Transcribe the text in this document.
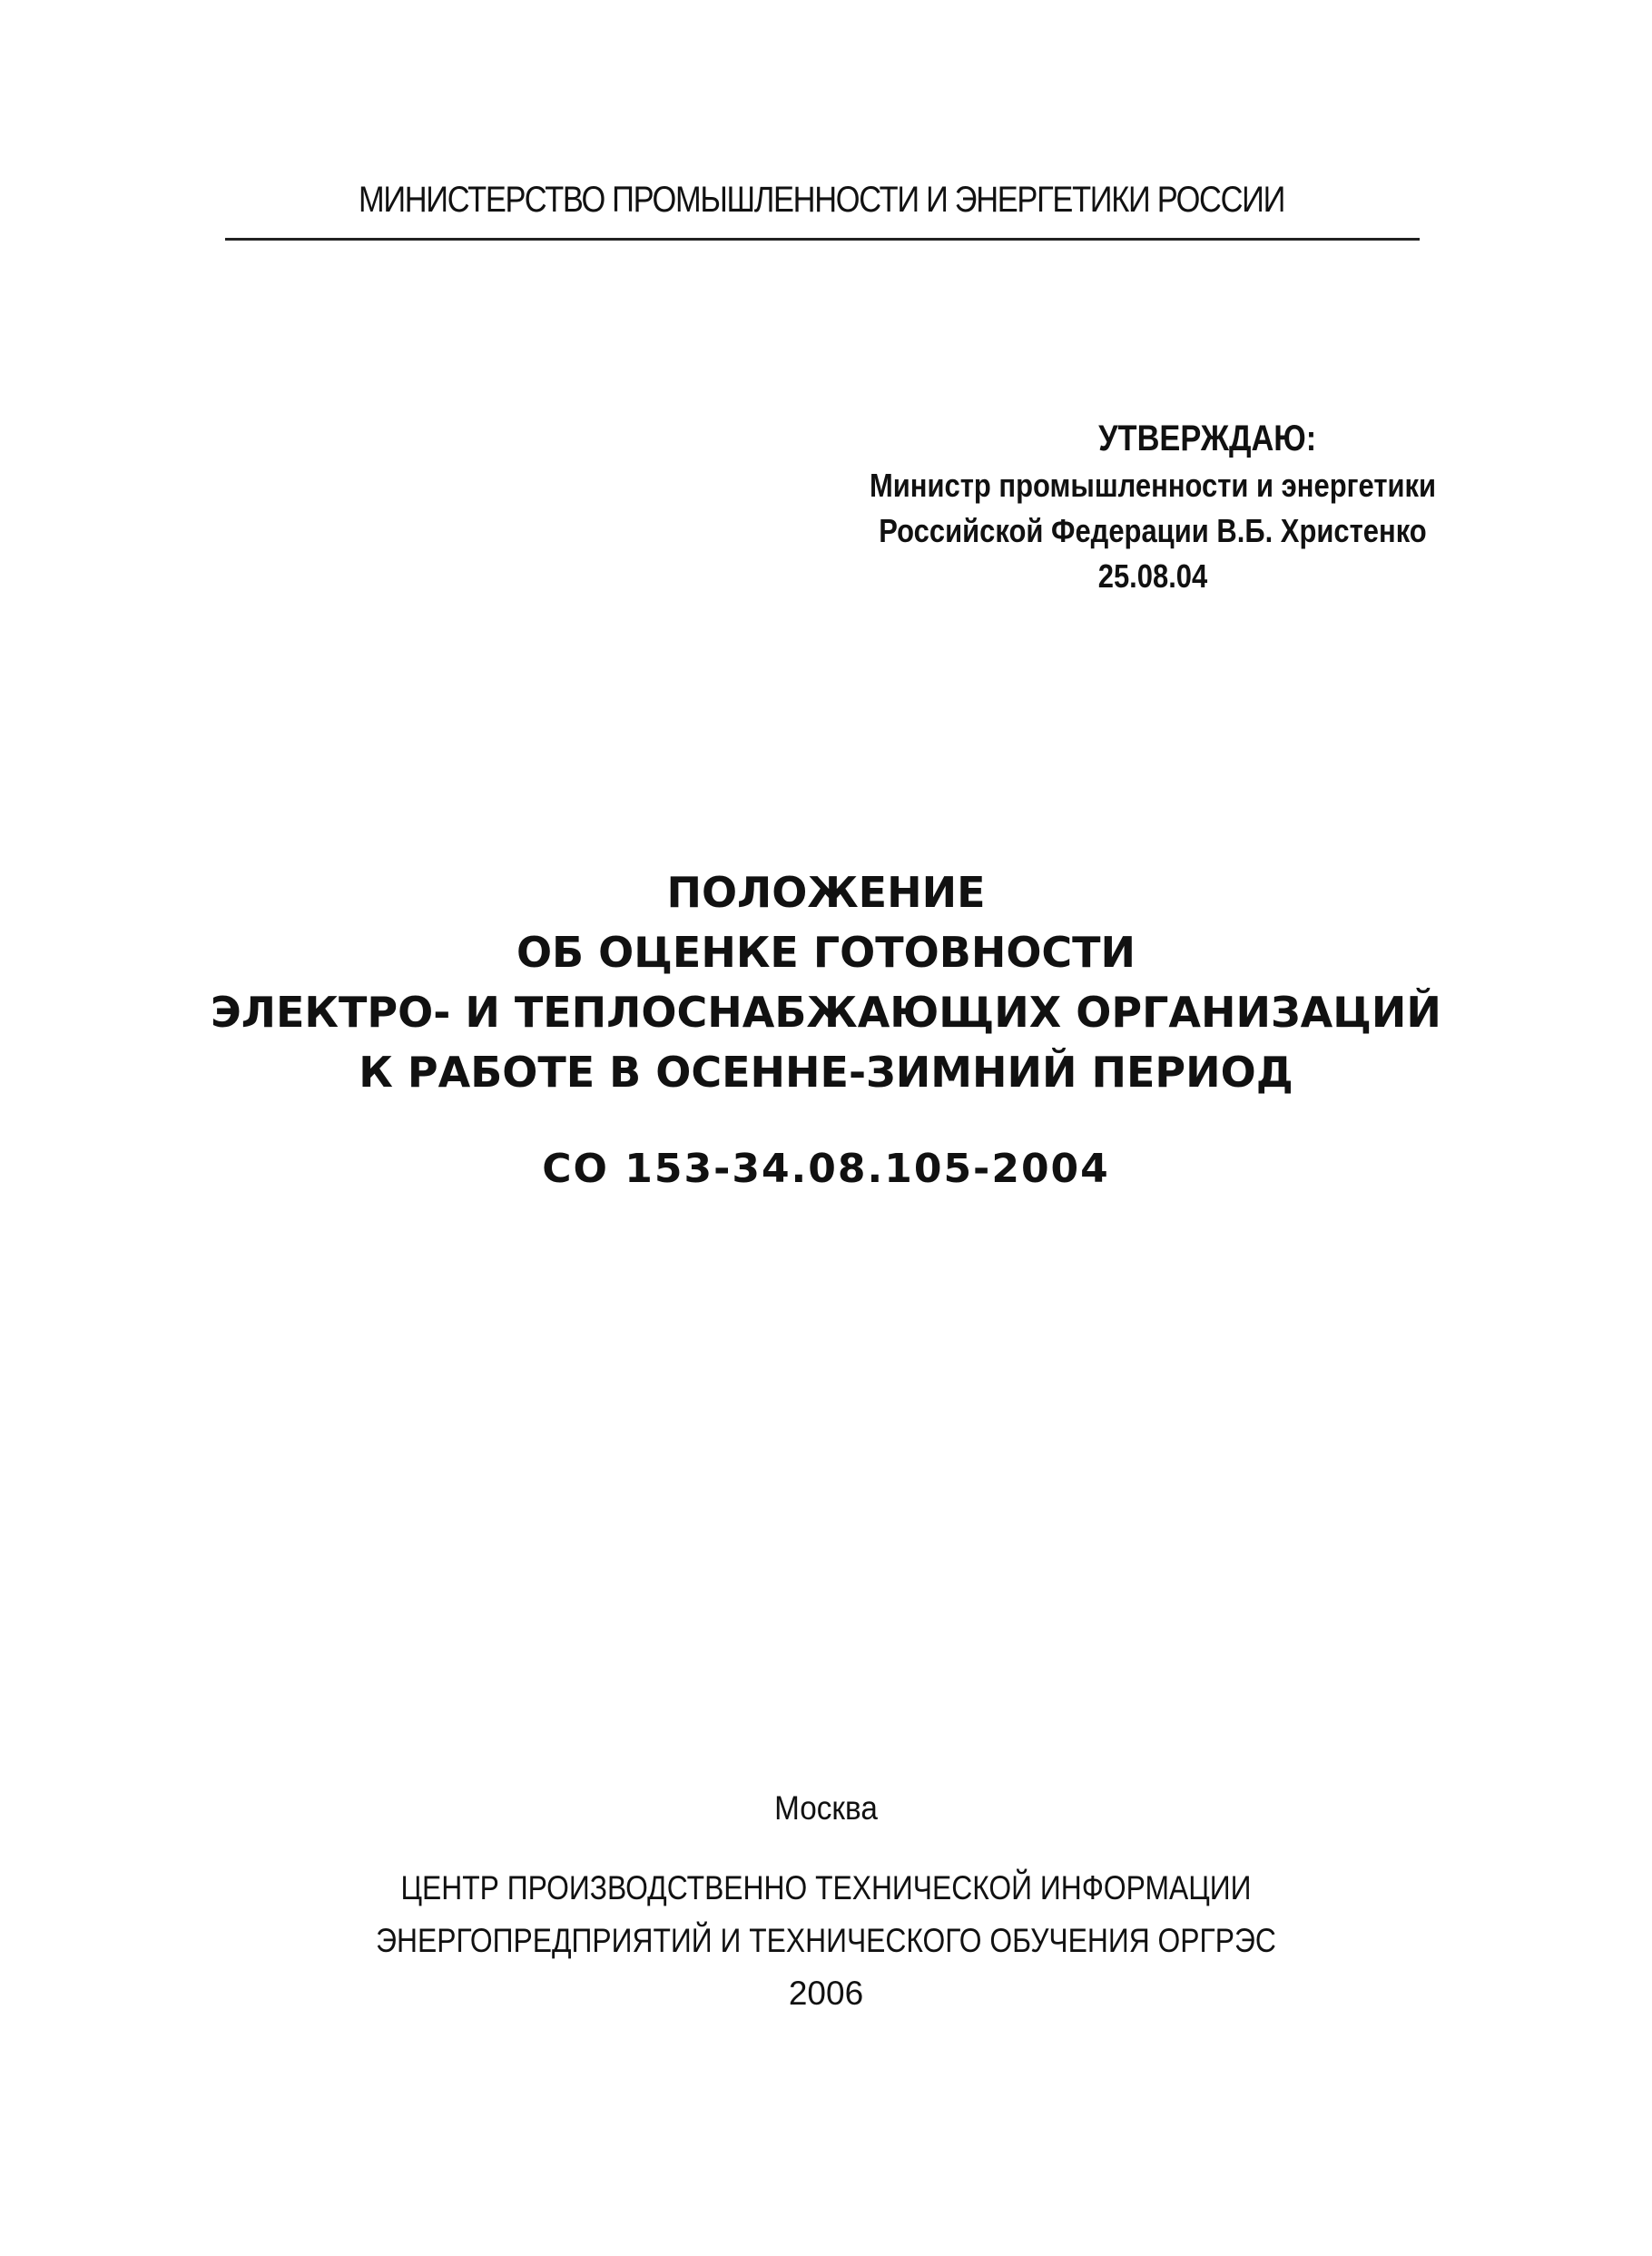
МИНИСТЕРСТВО ПРОМЫШЛЕННОСТИ И ЭНЕРГЕТИКИ РОССИИ
УТВЕРЖДАЮ:
Министр промышленности и энергетики
Российской Федерации В.Б. Христенко
25.08.04
ПОЛОЖЕНИЕ
ОБ ОЦЕНКЕ ГОТОВНОСТИ
ЭЛЕКТРО- И ТЕПЛОСНАБЖАЮЩИХ ОРГАНИЗАЦИЙ
К РАБОТЕ В ОСЕННЕ-ЗИМНИЙ ПЕРИОД
СО 153-34.08.105-2004
Москва
ЦЕНТР ПРОИЗВОДСТВЕННО ТЕХНИЧЕСКОЙ ИНФОРМАЦИИ
ЭНЕРГОПРЕДПРИЯТИЙ И ТЕХНИЧЕСКОГО ОБУЧЕНИЯ ОРГРЭС
2006
